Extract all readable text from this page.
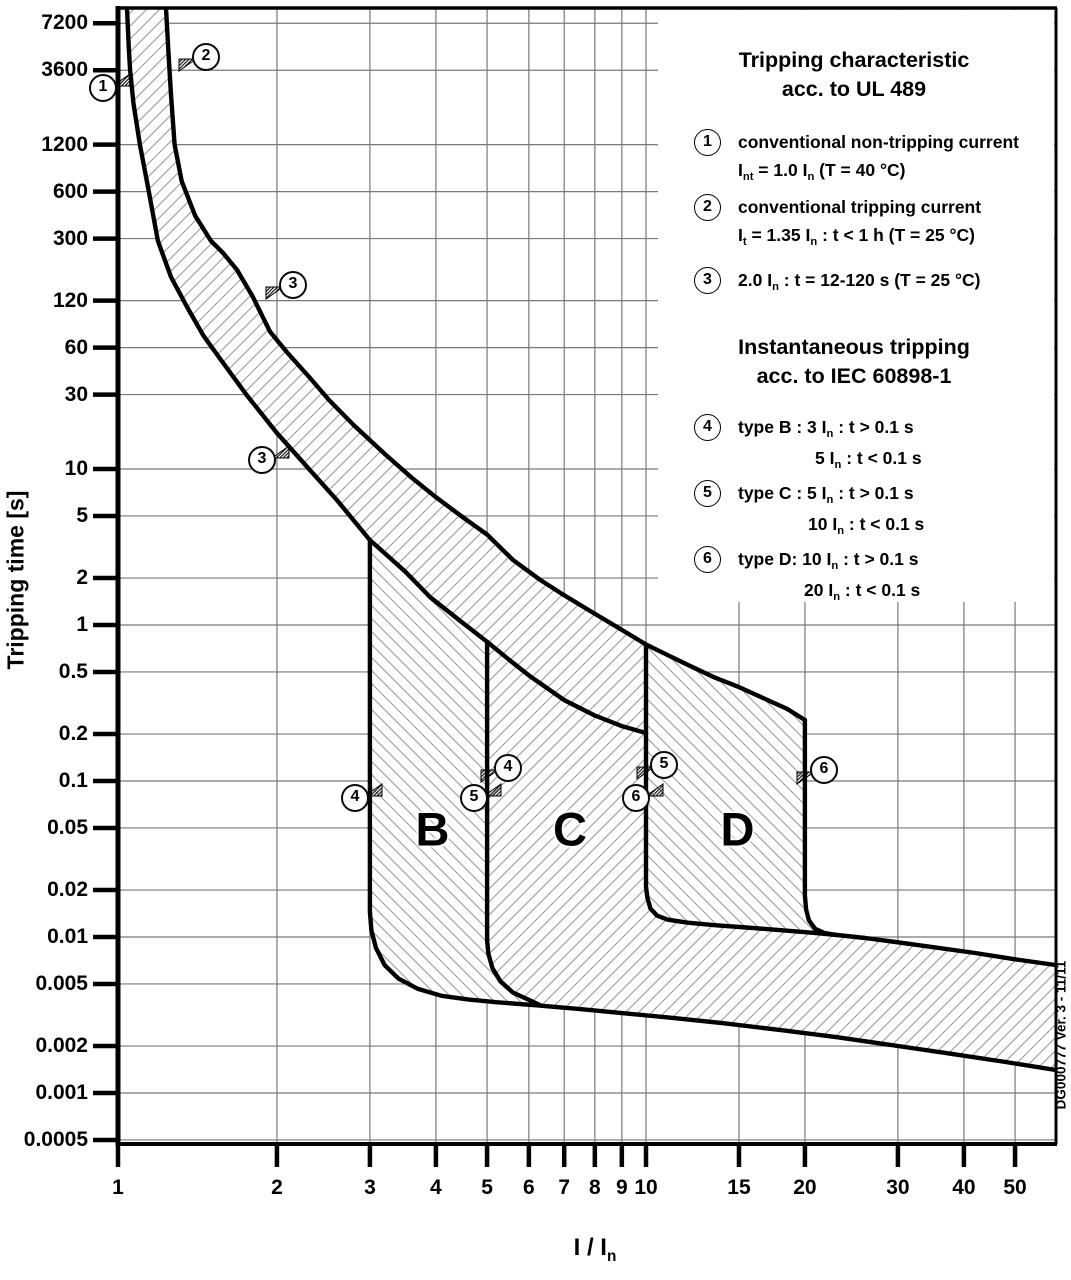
7200
3600
1200
600
300
120
60
30
10
5
2
1
0.5
0.2
0.1
0.05
0.02
0.01
0.005
0.002
0.001
0.0005
1	2	3	4	5	6	7 8 9 10	15	20	30	40	50
Tripping time [s]
I / $I_n$
Tripping characteristic
acc. to UL 489
1	conventional non-tripping current
$I_{nt} = 1.0$ $I_n$ (T = 40 °C)
2	conventional tripping current
$I_t = 1.35$ $I_n$ : t < 1 h (T = 25 °C)
3	2.0 $I_n$ : t = 12-120 s (T = 25 °C)
Instantaneous tripping
acc. to IEC 60898-1
4	type B : 3 $I_n$ : t > 0.1 s
5 $I_n$ : t < 0.1 s
5	type C : 5 $I_n$ : t > 0.1 s
10 $I_n$ : t < 0.1 s
6	type D: 10 $I_n$ : t > 0.1 s
20 $I_n$ : t < 0.1 s
B C	D
1
2
3
3
4
4
5
5
6
6
DG000777 Ver. 3 - 11/11
